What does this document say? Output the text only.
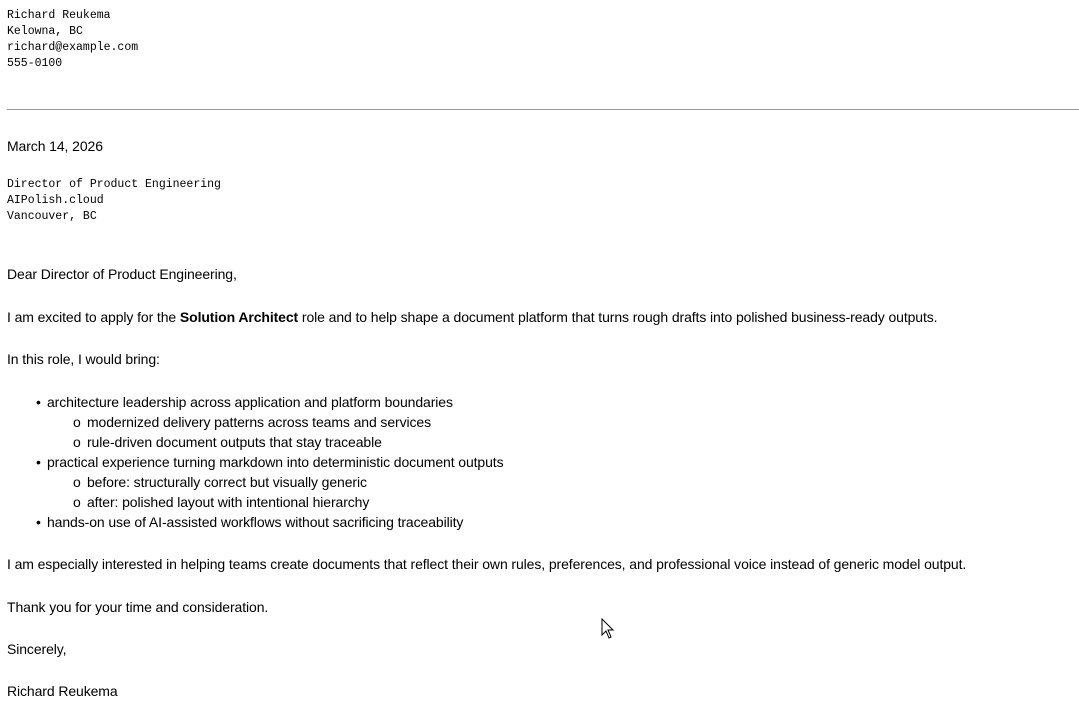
Richard Reukema
Kelowna, BC
richard@example.com
555-0100
March 14, 2026
Director of Product Engineering
AIPolish.cloud
Vancouver, BC
Dear Director of Product Engineering,
I am excited to apply for the Solution Architect role and to help shape a document platform that turns rough drafts into polished business-ready outputs.
In this role, I would bring:
• architecture leadership across application and platform boundaries
o modernized delivery patterns across teams and services
o rule-driven document outputs that stay traceable
• practical experience turning markdown into deterministic document outputs
o before: structurally correct but visually generic
o after: polished layout with intentional hierarchy
• hands-on use of AI-assisted workflows without sacrificing traceability
I am especially interested in helping teams create documents that reflect their own rules, preferences, and professional voice instead of generic model output.
Thank you for your time and consideration.
Sincerely,
Richard Reukema
